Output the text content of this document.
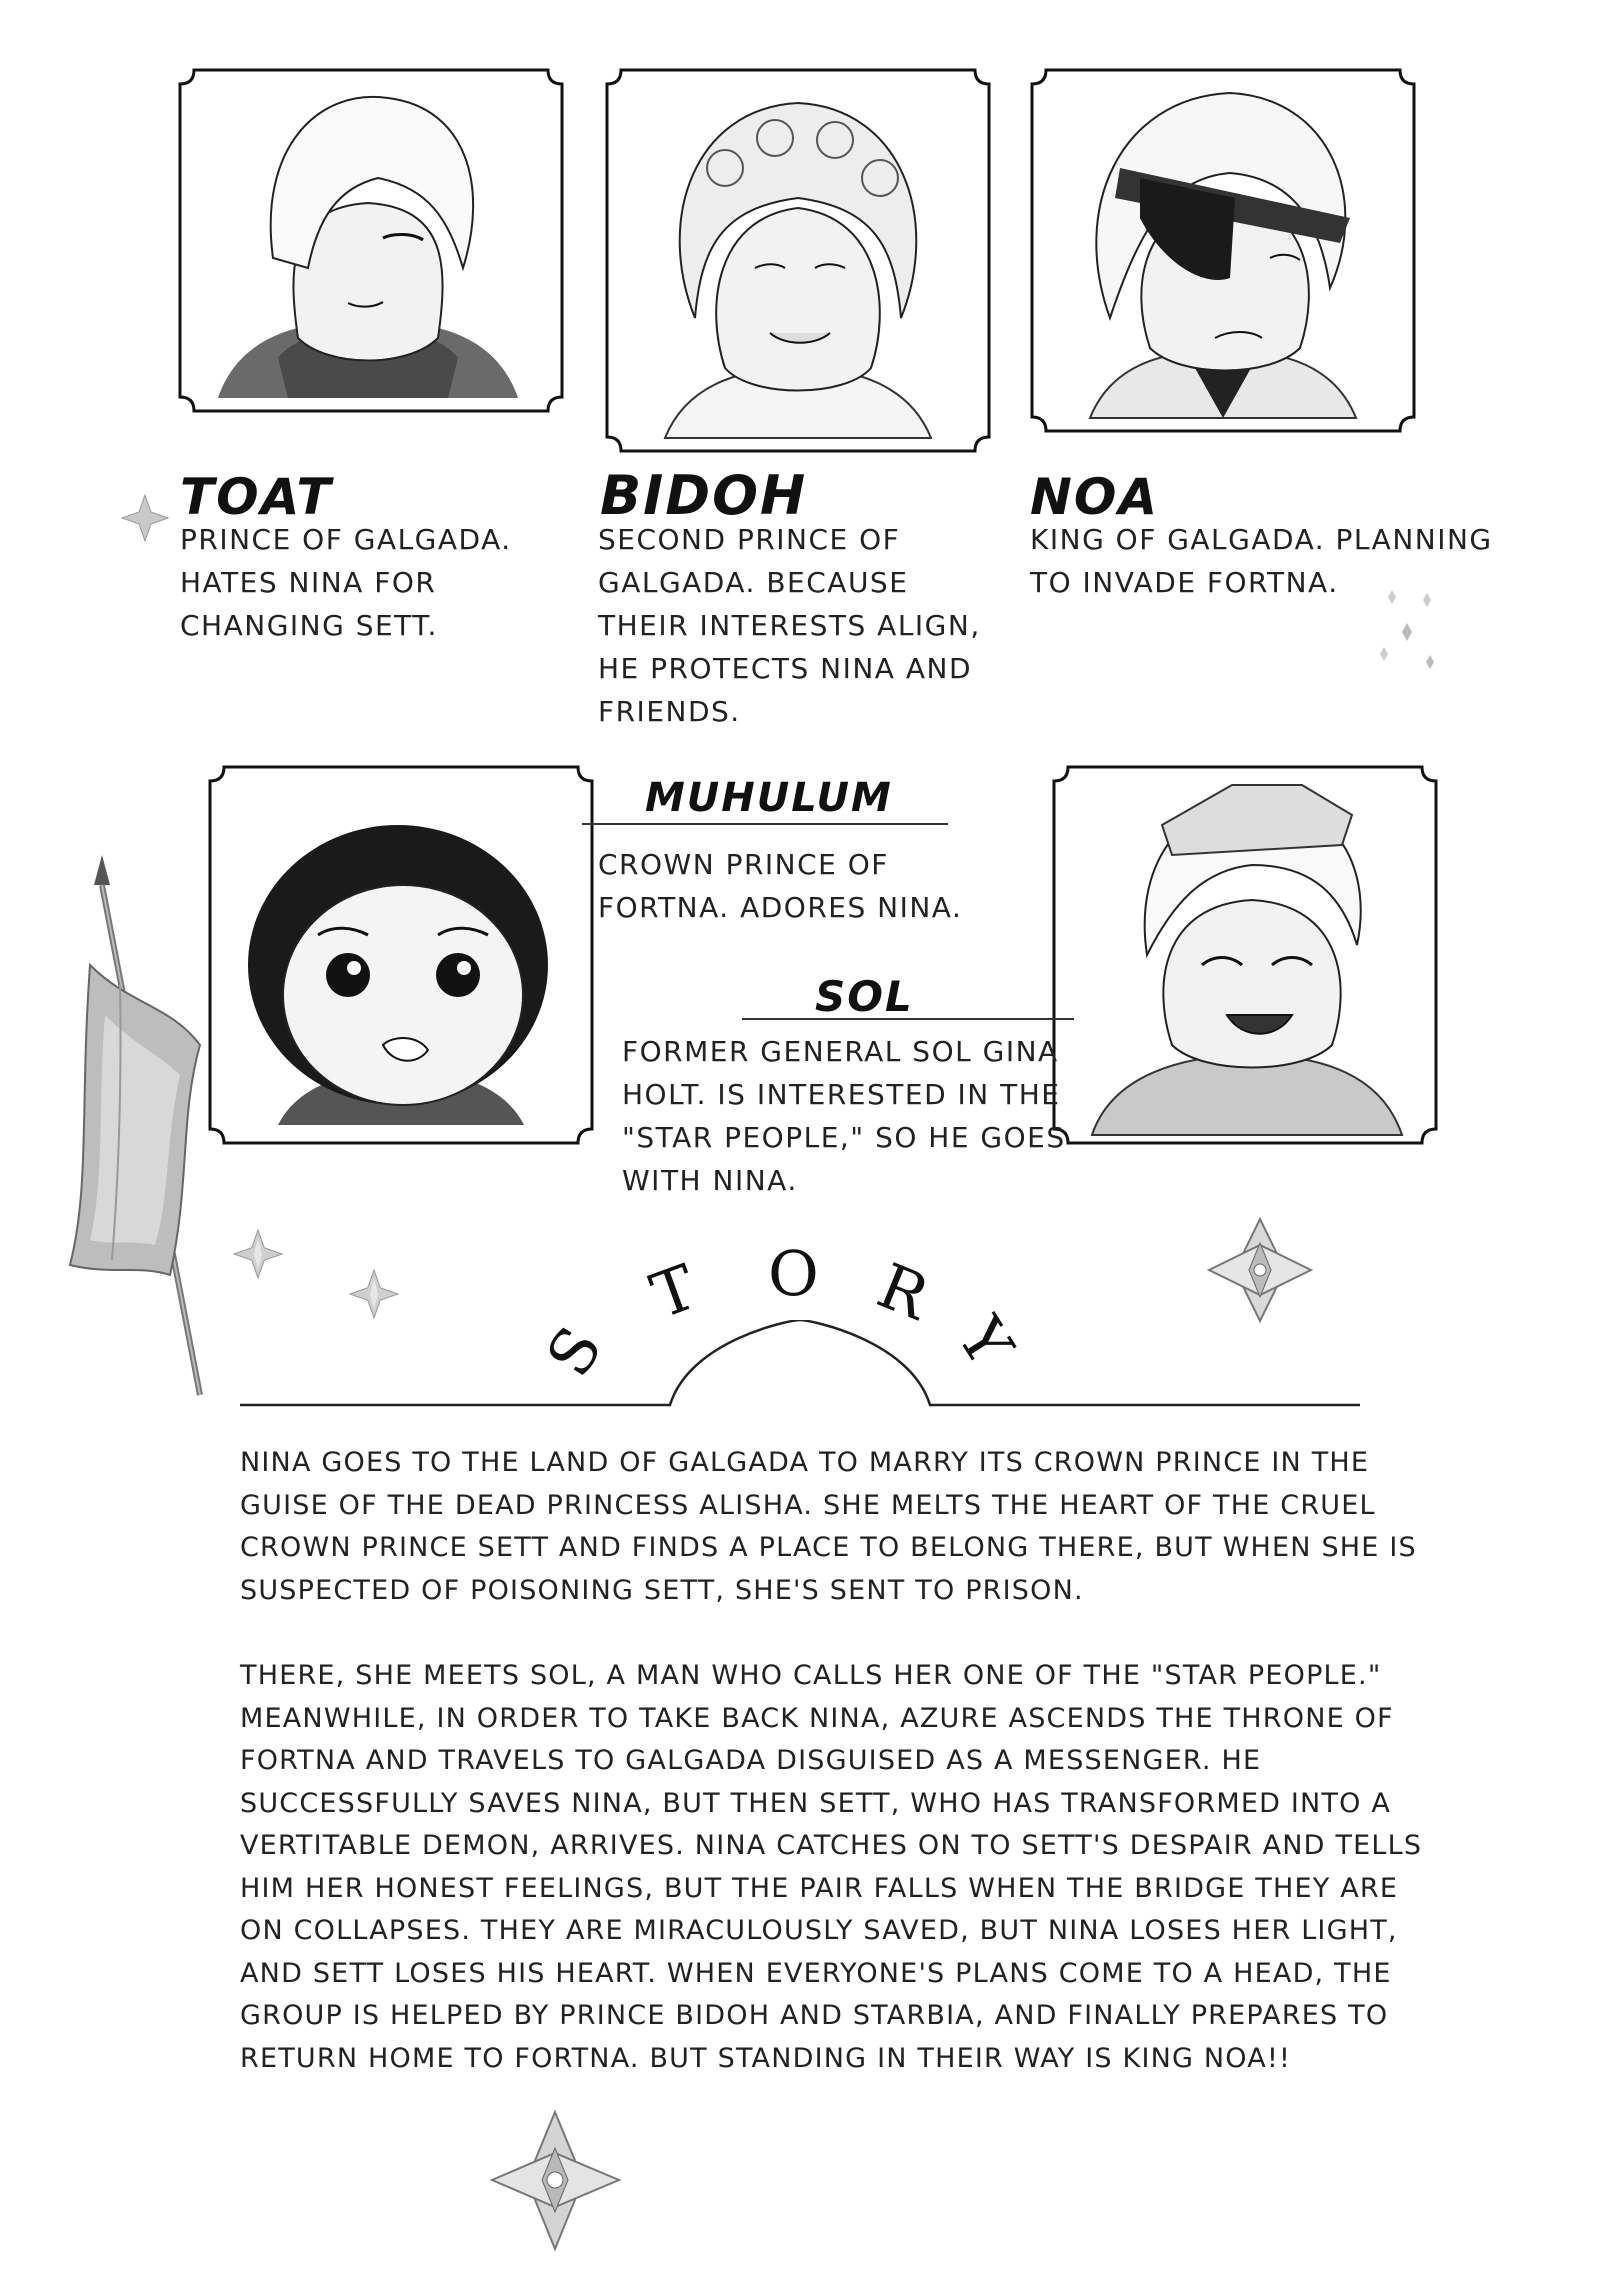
TOAT	BIDOH	NOA
MUHULUM
SOL
PRINCE OF GALGADA.
HATES NINA FOR
CHANGING SETT.
SECOND PRINCE OF
GALGADA. BECAUSE
THEIR INTERESTS ALIGN,
HE PROTECTS NINA AND
FRIENDS.
KING OF GALGADA. PLANNING
TO INVADE FORTNA.
CROWN PRINCE OF
FORTNA. ADORES NINA.
FORMER GENERAL SOL GINA
HOLT. IS INTERESTED IN THE
"STAR PEOPLE," SO HE GOES
WITH NINA.
S
T O R
Y
NINA GOES TO THE LAND OF GALGADA TO MARRY ITS CROWN PRINCE IN THE
GUISE OF THE DEAD PRINCESS ALISHA. SHE MELTS THE HEART OF THE CRUEL
CROWN PRINCE SETT AND FINDS A PLACE TO BELONG THERE, BUT WHEN SHE IS
SUSPECTED OF POISONING SETT, SHE'S SENT TO PRISON.
THERE, SHE MEETS SOL, A MAN WHO CALLS HER ONE OF THE "STAR PEOPLE."
MEANWHILE, IN ORDER TO TAKE BACK NINA, AZURE ASCENDS THE THRONE OF
FORTNA AND TRAVELS TO GALGADA DISGUISED AS A MESSENGER. HE
SUCCESSFULLY SAVES NINA, BUT THEN SETT, WHO HAS TRANSFORMED INTO A
VERTITABLE DEMON, ARRIVES. NINA CATCHES ON TO SETT'S DESPAIR AND TELLS
HIM HER HONEST FEELINGS, BUT THE PAIR FALLS WHEN THE BRIDGE THEY ARE
ON COLLAPSES. THEY ARE MIRACULOUSLY SAVED, BUT NINA LOSES HER LIGHT,
AND SETT LOSES HIS HEART. WHEN EVERYONE'S PLANS COME TO A HEAD, THE
GROUP IS HELPED BY PRINCE BIDOH AND STARBIA, AND FINALLY PREPARES TO
RETURN HOME TO FORTNA. BUT STANDING IN THEIR WAY IS KING NOA!!
